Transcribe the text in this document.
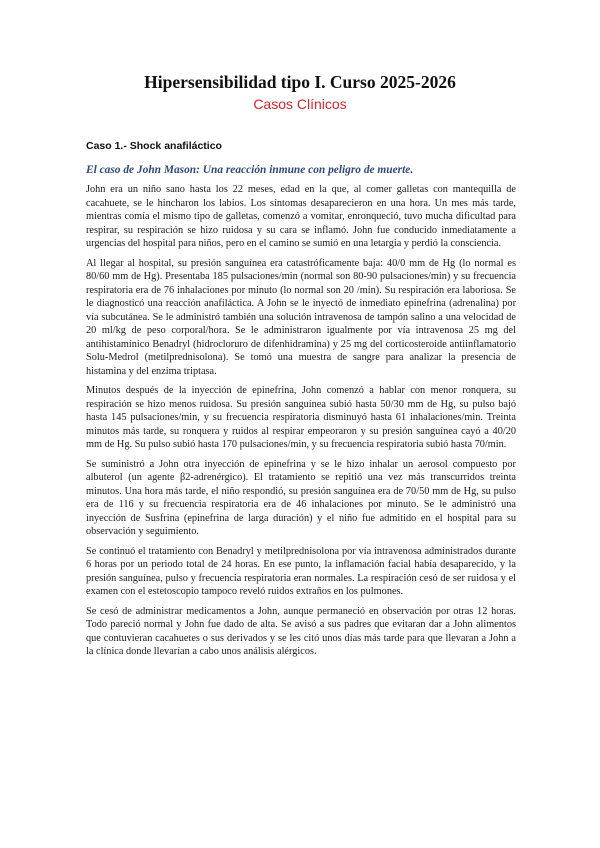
Hipersensibilidad tipo I. Curso 2025-2026
Casos Clínicos
Caso 1.- Shock anafiláctico
El caso de John Mason: Una reacción inmune con peligro de muerte.

John era un niño sano hasta los 22 meses, edad en la que, al comer galletas con mantequilla de cacahuete, se le hincharon los labios. Los síntomas desaparecieron en una hora. Un mes más tarde, mientras comía el mismo tipo de galletas, comenzó a vomitar, enronqueció, tuvo mucha dificultad para respirar, su respiración se hizo ruidosa y su cara se inflamó. John fue conducido inmediatamente a urgencias del hospital para niños, pero en el camino se sumió en una letargia y perdió la consciencia.

Al llegar al hospital, su presión sanguínea era catastróficamente baja: 40/0 mm de Hg (lo normal es 80/60 mm de Hg). Presentaba 185 pulsaciones/min (normal son 80-90 pulsaciones/min) y su frecuencia respiratoria era de 76 inhalaciones por minuto (lo normal son 20 /min). Su respiración era laboriosa. Se le diagnosticó una reacción anafiláctica. A John se le inyectó de inmediato epinefrina (adrenalina) por vía subcutánea. Se le administró también una solución intravenosa de tampón salino a una velocidad de 20 ml/kg de peso corporal/hora. Se le administraron igualmente por vía intravenosa 25 mg del antihistamínico Benadryl (hidrocloruro de difenhidramina) y 25 mg del corticosteroide antiinflamatorio Solu-Medrol (metilprednisolona). Se tomó una muestra de sangre para analizar la presencia de histamina y del enzima triptasa.

Minutos después de la inyección de epinefrina, John comenzó a hablar con menor ronquera, su respiración se hizo menos ruidosa. Su presión sanguínea subió hasta 50/30 mm de Hg, su pulso bajó hasta 145 pulsaciones/min, y su frecuencia respiratoria disminuyó hasta 61 inhalaciones/min. Treinta minutos más tarde, su ronquera y ruidos al respirar empeoraron y su presión sanguínea cayó a 40/20 mm de Hg. Su pulso subió hasta 170 pulsaciones/min, y su frecuencia respiratoria subió hasta 70/min.

Se suministró a John otra inyección de epinefrina y se le hizo inhalar un aerosol compuesto por albuterol (un agente β2-adrenérgico). El tratamiento se repitió una vez más transcurridos treinta minutos. Una hora más tarde, el niño respondió, su presión sanguínea era de 70/50 mm de Hg, su pulso era de 116 y su frecuencia respiratoria era de 46 inhalaciones por minuto. Se le administró una inyección de Susfrina (epinefrina de larga duración) y el niño fue admitido en el hospital para su observación y seguimiento.

Se continuó el tratamiento con Benadryl y metilprednisolona por vía intravenosa administrados durante 6 horas por un periodo total de 24 horas. En ese punto, la inflamación facial había desaparecido, y la presión sanguínea, pulso y frecuencia respiratoria eran normales. La respiración cesó de ser ruidosa y el examen con el estetoscopio tampoco reveló ruidos extraños en los pulmones.

Se cesó de administrar medicamentos a John, aunque permaneció en observación por otras 12 horas. Todo pareció normal y John fue dado de alta. Se avisó a sus padres que evitaran dar a John alimentos que contuvieran cacahuetes o sus derivados y se les citó unos días más tarde para que llevaran a John a la clínica donde llevarían a cabo unos análisis alérgicos.
